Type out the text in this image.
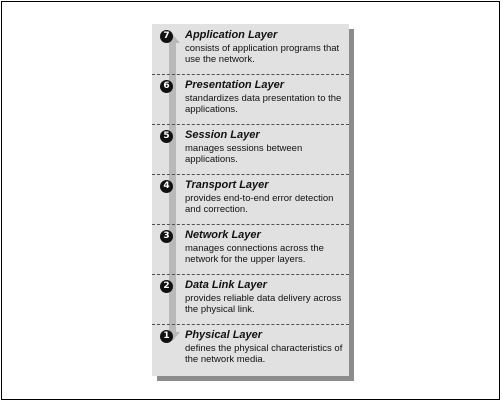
7	Application Layer
consists of application programs that use the network.
6	Presentation Layer
standardizes data presentation to the applications.
5	Session Layer
manages sessions between applications.
4	Transport Layer
provides end-to-end error detection and correction.
3	Network Layer
manages connections across the network for the upper layers.
2	Data Link Layer
provides reliable data delivery across the physical link.
1	Physical Layer
defines the physical characteristics of the network media.
